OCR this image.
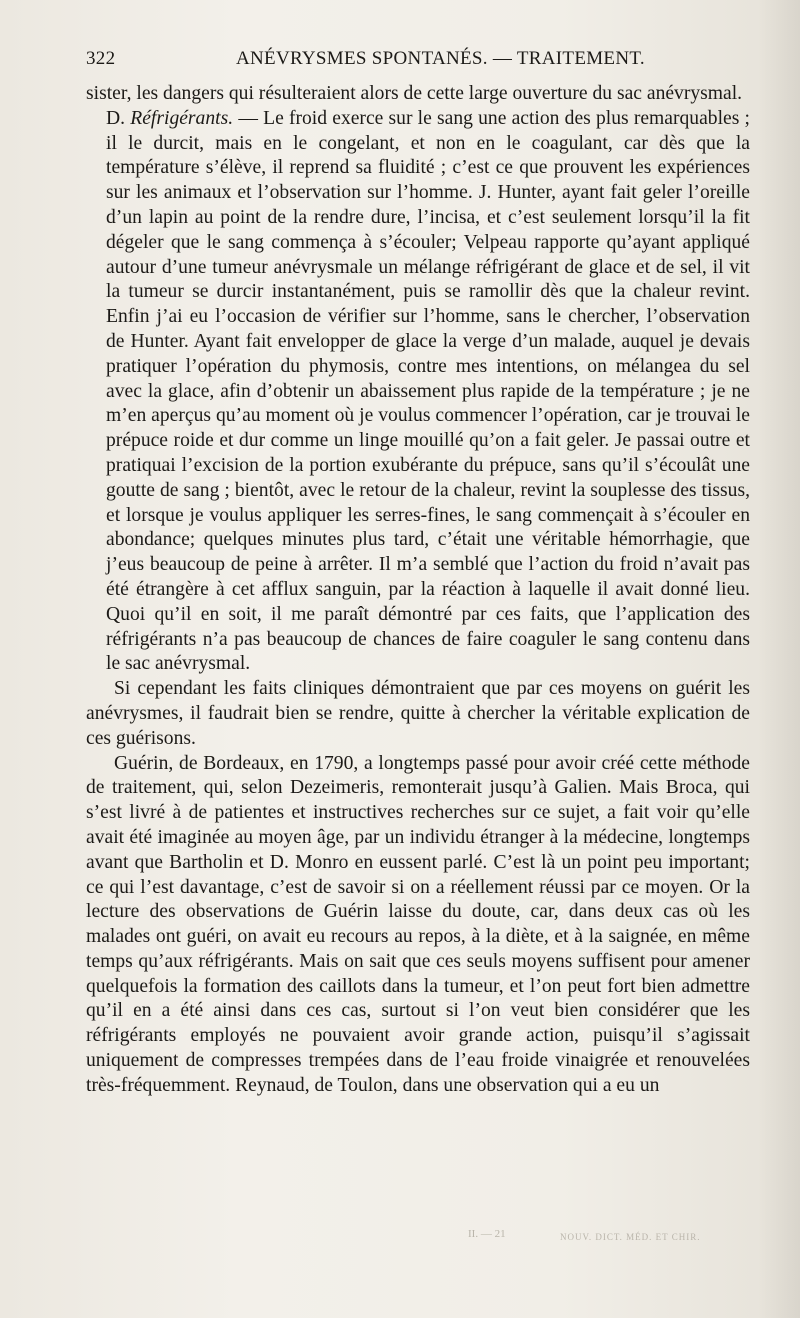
322	ANÉVRYSMES SPONTANÉS. — TRAITEMENT.

sister, les dangers qui résulteraient alors de cette large ouverture du sac anévrysmal.

D. Réfrigérants. — Le froid exerce sur le sang une action des plus remarquables ; il le durcit, mais en le congelant, et non en le coagulant, car dès que la température s’élève, il reprend sa fluidité ; c’est ce que prouvent les expériences sur les animaux et l’observation sur l’homme. J. Hunter, ayant fait geler l’oreille d’un lapin au point de la rendre dure, l’incisa, et c’est seulement lorsqu’il la fit dégeler que le sang commença à s’écouler; Velpeau rapporte qu’ayant appliqué autour d’une tumeur anévrysmale un mélange réfrigérant de glace et de sel, il vit la tumeur se durcir instantanément, puis se ramollir dès que la chaleur revint. Enfin j’ai eu l’occasion de vérifier sur l’homme, sans le chercher, l’observation de Hunter. Ayant fait envelopper de glace la verge d’un malade, auquel je devais pratiquer l’opération du phymosis, contre mes intentions, on mélangea du sel avec la glace, afin d’obtenir un abaissement plus rapide de la température ; je ne m’en aperçus qu’au moment où je voulus commencer l’opération, car je trouvai le prépuce roide et dur comme un linge mouillé qu’on a fait geler. Je passai outre et pratiquai l’excision de la portion exubérante du prépuce, sans qu’il s’écoulât une goutte de sang ; bientôt, avec le retour de la chaleur, revint la souplesse des tissus, et lorsque je voulus appliquer les serres-fines, le sang commençait à s’écouler en abondance; quelques minutes plus tard, c’était une véritable hémorrhagie, que j’eus beaucoup de peine à arrêter. Il m’a semblé que l’action du froid n’avait pas été étrangère à cet afflux sanguin, par la réaction à laquelle il avait donné lieu. Quoi qu’il en soit, il me paraît démontré par ces faits, que l’application des réfrigérants n’a pas beaucoup de chances de faire coaguler le sang contenu dans le sac anévrysmal.

Si cependant les faits cliniques démontraient que par ces moyens on guérit les anévrysmes, il faudrait bien se rendre, quitte à chercher la véritable explication de ces guérisons.

Guérin, de Bordeaux, en 1790, a longtemps passé pour avoir créé cette méthode de traitement, qui, selon Dezeimeris, remonterait jusqu’à Galien. Mais Broca, qui s’est livré à de patientes et instructives recherches sur ce sujet, a fait voir qu’elle avait été imaginée au moyen âge, par un individu étranger à la médecine, longtemps avant que Bartholin et D. Monro en eussent parlé. C’est là un point peu important; ce qui l’est davantage, c’est de savoir si on a réellement réussi par ce moyen. Or la lecture des observations de Guérin laisse du doute, car, dans deux cas où les malades ont guéri, on avait eu recours au repos, à la diète, et à la saignée, en même temps qu’aux réfrigérants. Mais on sait que ces seuls moyens suffisent pour amener quelquefois la formation des caillots dans la tumeur, et l’on peut fort bien admettre qu’il en a été ainsi dans ces cas, surtout si l’on veut bien considérer que les réfrigérants employés ne pouvaient avoir grande action, puisqu’il s’agissait uniquement de compresses trempées dans de l’eau froide vinaigrée et renouvelées très-fréquemment. Reynaud, de Toulon, dans une observation qui a eu un

II. — 21	NOUV. DICT. MÉD. ET CHIR.
